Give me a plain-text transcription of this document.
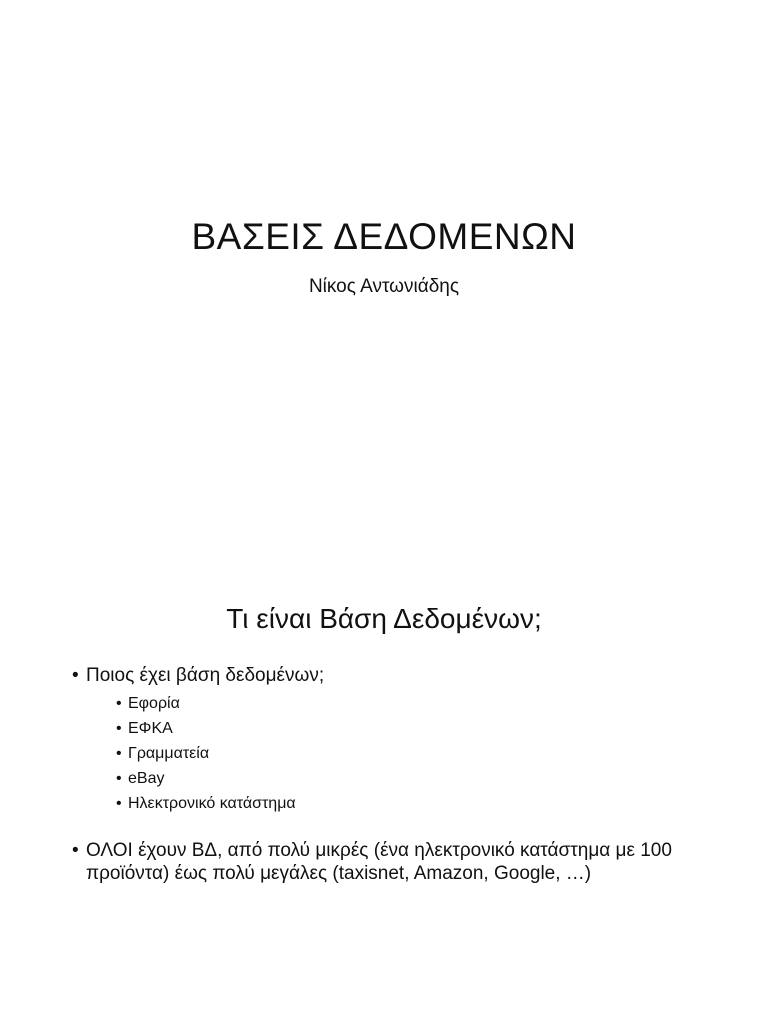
ΒΑΣΕΙΣ ΔΕΔΟΜΕΝΩΝ
Νίκος Αντωνιάδης
Τι είναι Βάση Δεδομένων;
• Ποιος έχει βάση δεδομένων;
• Εφορία
• ΕΦΚΑ
• Γραμματεία
• eBay
• Ηλεκτρονικό κατάστημα
• ΟΛΟΙ έχουν ΒΔ, από πολύ μικρές (ένα ηλεκτρονικό κατάστημα με 100 προϊόντα) έως πολύ μεγάλες (taxisnet, Amazon, Google, …)
